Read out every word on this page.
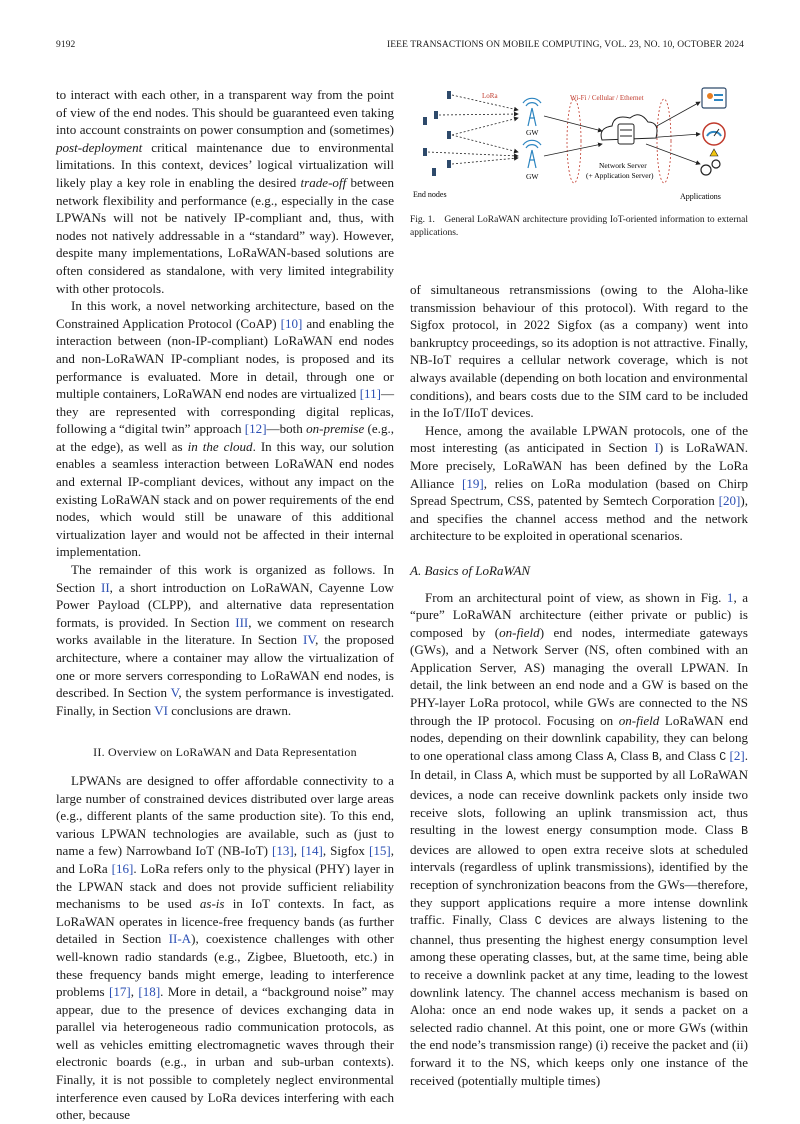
9192	IEEE TRANSACTIONS ON MOBILE COMPUTING, VOL. 23, NO. 10, OCTOBER 2024

to interact with each other, in a transparent way from the point of view of the end nodes. This should be guaranteed even taking into account constraints on power consumption and (sometimes) post-deployment critical maintenance due to environmental limitations. In this context, devices’ logical virtualization will likely play a key role in enabling the desired trade-off between network flexibility and performance (e.g., especially in the case LPWANs will not be natively IP-compliant and, thus, with nodes not natively addressable in a “standard” way). However, despite many implementations, LoRaWAN-based solutions are often considered as standalone, with very limited integrability with other protocols.

In this work, a novel networking architecture, based on the Constrained Application Protocol (CoAP) [10] and enabling the interaction between (non-IP-compliant) LoRaWAN end nodes and non-LoRaWAN IP-compliant nodes, is proposed and its performance is evaluated. More in detail, through one or multiple containers, LoRaWAN end nodes are virtualized [11]—they are represented with corresponding digital replicas, following a “digital twin” approach [12]—both on-premise (e.g., at the edge), as well as in the cloud. In this way, our solution enables a seamless interaction between LoRaWAN end nodes and external IP-compliant devices, without any impact on the existing LoRaWAN stack and on power requirements of the end nodes, which would still be unaware of this additional virtualization layer and would not be affected in their internal implementation.

The remainder of this work is organized as follows. In Section II, a short introduction on LoRaWAN, Cayenne Low Power Payload (CLPP), and alternative data representation formats, is provided. In Section III, we comment on research works available in the literature. In Section IV, the proposed architecture, where a container may allow the virtualization of one or more servers corresponding to LoRaWAN end nodes, is described. In Section V, the system performance is investigated. Finally, in Section VI conclusions are drawn.

II. Overview on LoRaWAN and Data Representation

LPWANs are designed to offer affordable connectivity to a large number of constrained devices distributed over large areas (e.g., different plants of the same production site). To this end, various LPWAN technologies are available, such as (just to name a few) Narrowband IoT (NB-IoT) [13], [14], Sigfox [15], and LoRa [16]. LoRa refers only to the physical (PHY) layer in the LPWAN stack and does not provide sufficient reliability mechanisms to be used as-is in IoT contexts. In fact, as LoRaWAN operates in licence-free frequency bands (as further detailed in Section II-A), coexistence challenges with other well-known radio standards (e.g., Zigbee, Bluetooth, etc.) in these frequency bands might emerge, leading to interference problems [17], [18]. More in detail, a “background noise” may appear, due to the presence of devices exchanging data in parallel via heterogeneous radio communication protocols, as well as vehicles emitting electromagnetic waves through their electronic boards (e.g., in urban and sub-urban contexts). Finally, it is not possible to completely neglect environmental interference even caused by LoRa devices interfering with each other, because

LoRa
GW
GW
Wi-Fi / Cellular / Ethernet
Network Server
(+ Application Server)
End nodes	Applications
Fig. 1.  General LoRaWAN architecture providing IoT-oriented information to external applications.

of simultaneous retransmissions (owing to the Aloha-like transmission behaviour of this protocol). With regard to the Sigfox protocol, in 2022 Sigfox (as a company) went into bankruptcy proceedings, so its adoption is not attractive. Finally, NB-IoT requires a cellular network coverage, which is not always available (depending on both location and environmental conditions), and bears costs due to the SIM card to be included in the IoT/IIoT devices.

Hence, among the available LPWAN protocols, one of the most interesting (as anticipated in Section I) is LoRaWAN. More precisely, LoRaWAN has been defined by the LoRa Alliance [19], relies on LoRa modulation (based on Chirp Spread Spectrum, CSS, patented by Semtech Corporation [20]), and specifies the channel access method and the network architecture to be exploited in operational scenarios.

A. Basics of LoRaWAN

From an architectural point of view, as shown in Fig. 1, a “pure” LoRaWAN architecture (either private or public) is composed by (on-field) end nodes, intermediate gateways (GWs), and a Network Server (NS, often combined with an Application Server, AS) managing the overall LPWAN. In detail, the link between an end node and a GW is based on the PHY-layer LoRa protocol, while GWs are connected to the NS through the IP protocol. Focusing on on-field LoRaWAN end nodes, depending on their downlink capability, they can belong to one operational class among Class A, Class B, and Class C [2]. In detail, in Class A, which must be supported by all LoRaWAN devices, a node can receive downlink packets only inside two receive slots, following an uplink transmission act, thus resulting in the lowest energy consumption mode. Class B devices are allowed to open extra receive slots at scheduled intervals (regardless of uplink transmissions), identified by the reception of synchronization beacons from the GWs—therefore, they support applications require a more intense downlink traffic. Finally, Class C devices are always listening to the channel, thus presenting the highest energy consumption level among these operating classes, but, at the same time, being able to receive a downlink packet at any time, leading to the lowest downlink latency. The channel access mechanism is based on Aloha: once an end node wakes up, it sends a packet on a selected radio channel. At this point, one or more GWs (within the end node’s transmission range) (i) receive the packet and (ii) forward it to the NS, which keeps only one instance of the received (potentially multiple times)
